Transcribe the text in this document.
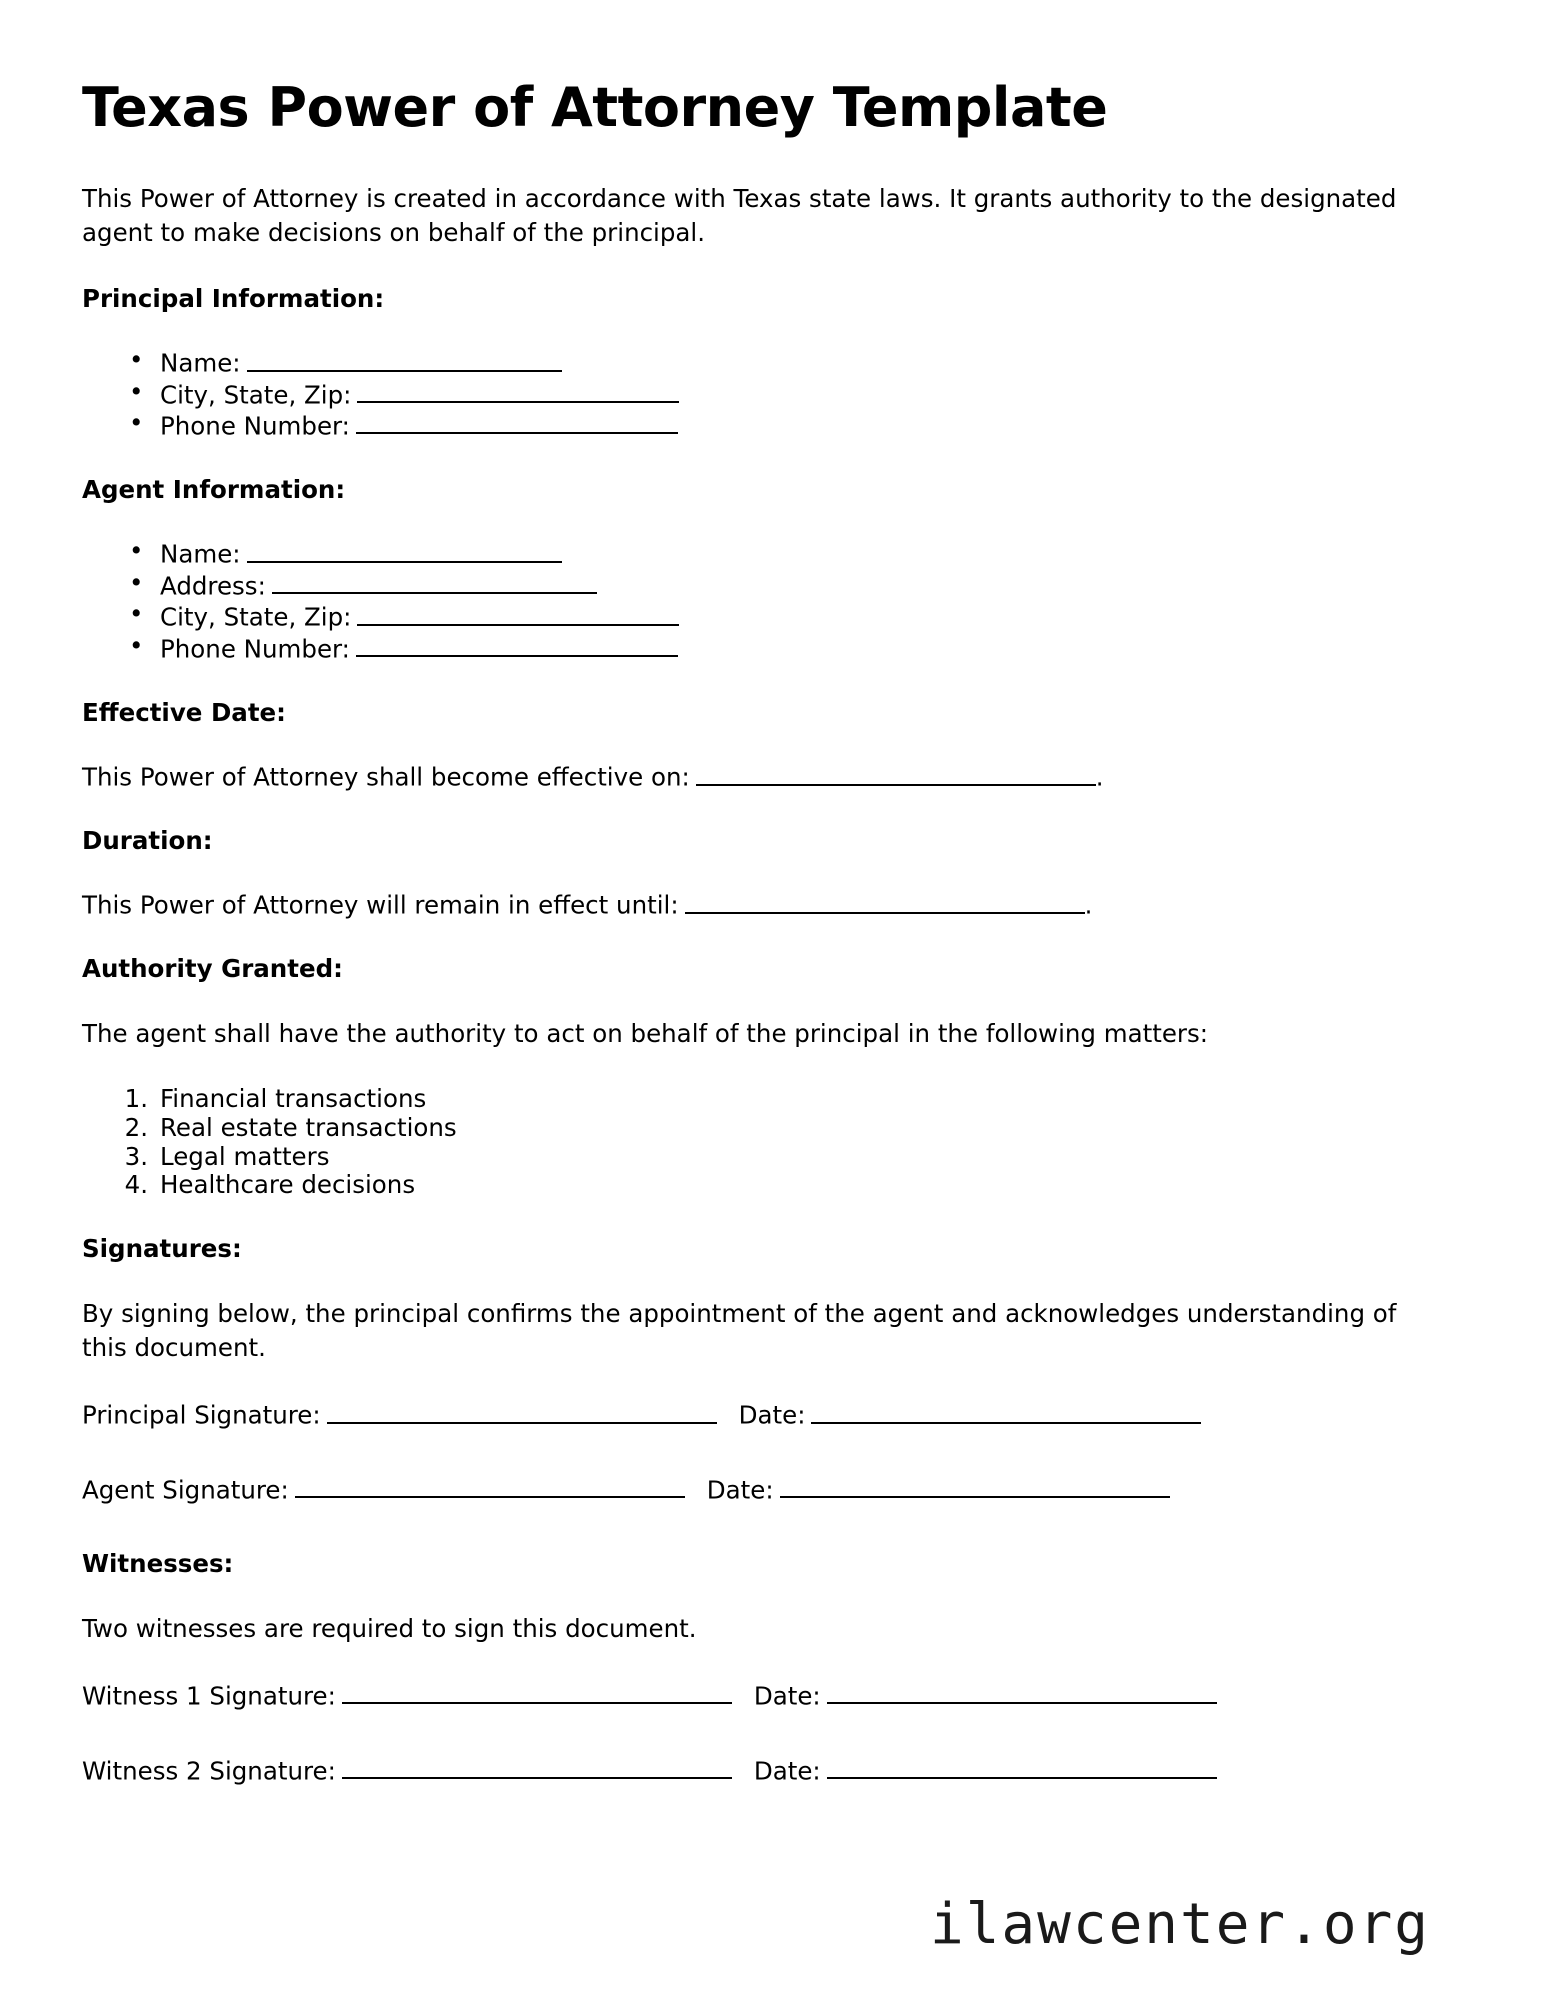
Texas Power of Attorney Template

This Power of Attorney is created in accordance with Texas state laws. It grants authority to the designated agent to make decisions on behalf of the principal.

Principal Information:
• Name:
• City, State, Zip:
• Phone Number:
Agent Information:
• Name:
• Address:
• City, State, Zip:
• Phone Number:
Effective Date:

This Power of Attorney shall become effective on:	.

Duration:

This Power of Attorney will remain in effect until:	.

Authority Granted:

The agent shall have the authority to act on behalf of the principal in the following matters:

Financial transactions
Real estate transactions
Legal matters
Healthcare decisions
Signatures:

By signing below, the principal confirms the appointment of the agent and acknowledges understanding of this document.

Principal Signature:	Date:

Agent Signature:	Date:

Witnesses:

Two witnesses are required to sign this document.

Witness 1 Signature:	Date:

Witness 2 Signature:	Date:

ilawcenter.org
